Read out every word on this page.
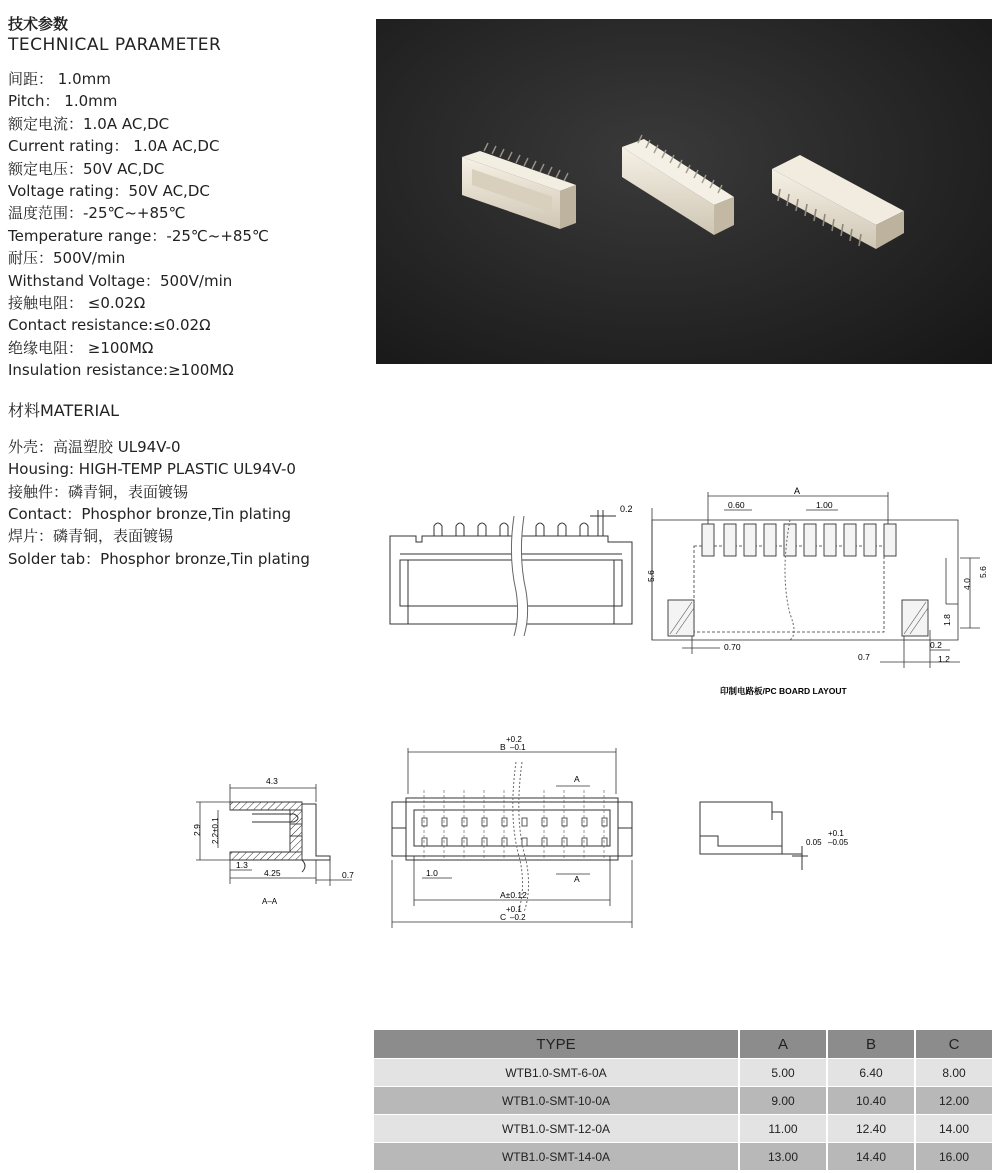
技术参数
TECHNICAL PARAMETER
间距： 1.0mm
Pitch： 1.0mm
额定电流：1.0A AC,DC
Current rating： 1.0A AC,DC
额定电压：50V AC,DC
Voltage rating：50V AC,DC
温度范围：-25℃~+85℃
Temperature range：-25℃~+85℃
耐压：500V/min
Withstand Voltage：500V/min
接触电阻： ≤0.02Ω
Contact resistance:≤0.02Ω
绝缘电阻： ≥100MΩ
Insulation resistance:≥100MΩ
材料MATERIAL
外壳：高温塑胶 UL94V-0
Housing: HIGH-TEMP PLASTIC UL94V-0
接触件：磷青铜，表面镀锡
Contact：Phosphor bronze,Tin plating
焊片：磷青铜，表面镀锡
Solder tab：Phosphor bronze,Tin plating
0.2
A
0.60	1.00
5.6	5.6
4.0
1.8
0.70
0.7
0.2
1.2
印制电路板/PC BOARD LAYOUT
4.3
2.9 2.2±0.1
1.3
4.25	0.7
A–A
+0.2
B –0.1
A
A
1.0
A±0.12
+0.1
C –0.2
0.05
+0.1
–0.05
TYPE	A	B	C
WTB1.0-SMT-6-0A	5.00	6.40	8.00
WTB1.0-SMT-10-0A	9.00	10.40	12.00
WTB1.0-SMT-12-0A	11.00	12.40	14.00
WTB1.0-SMT-14-0A	13.00	14.40	16.00
